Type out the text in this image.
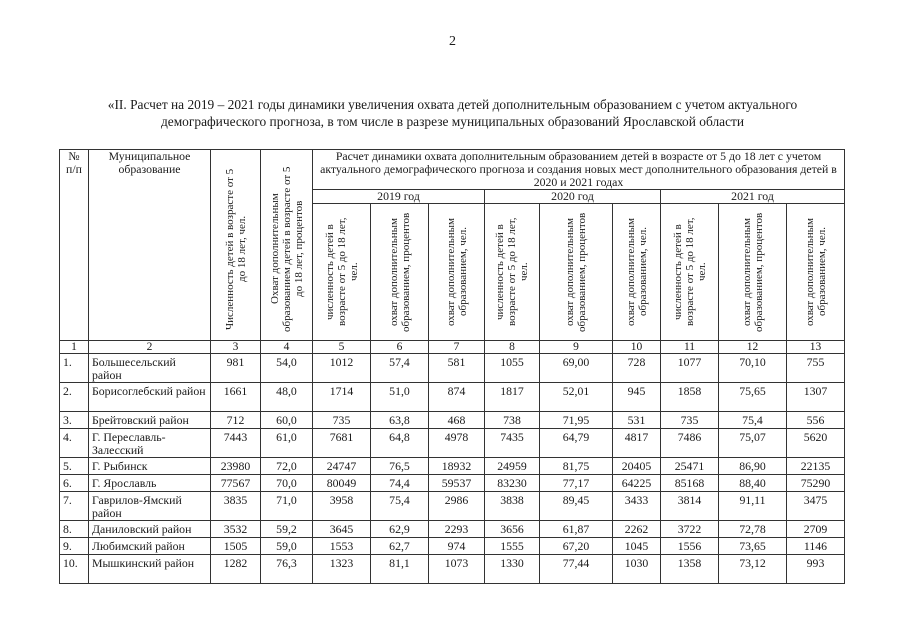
2
«II. Расчет на 2019 – 2021 годы динамики увеличения охвата детей дополнительным образованием с учетом актуального демографического прогноза, в том числе в разрезе муниципальных образований Ярославской области
№ п/п	Муниципальное образование	Численность детей в возрасте от 5 до 18 лет, чел.	Охват дополнительным образованием детей в возрасте от 5 до 18 лет, процентов	Расчет динамики охвата дополнительным образованием детей в возрасте от 5 до 18 лет с учетом актуального демографического прогноза и создания новых мест дополнительного образования детей в 2020 и 2021 годах								
				2019 год			2020 год			2021 год		

				численность детей в возрасте от 5 до 18 лет, чел.	охват дополнительным образованием, процентов	охват дополнительным образованием, чел.	численность детей в возрасте от 5 до 18 лет, чел.	охват дополнительным образованием, процентов	охват дополнительным образованием, чел.	численность детей в возрасте от 5 до 18 лет, чел.	охват дополнительным образованием, процентов	охват дополнительным образованием, чел.

1	2	3	4	5	6	7	8	9	10	11	12	13
1.	Большесельский район	981	54,0	1012	57,4	581	1055	69,00	728	1077	70,10	755
2.	Борисоглебский район	1661	48,0	1714	51,0	874	1817	52,01	945	1858	75,65	1307
3.	Брейтовский район	712	60,0	735	63,8	468	738	71,95	531	735	75,4	556
4.	Г. Переславль-Залесский	7443	61,0	7681	64,8	4978	7435	64,79	4817	7486	75,07	5620
5.	Г. Рыбинск	23980	72,0	24747	76,5	18932	24959	81,75	20405	25471	86,90	22135
6.	Г. Ярославль	77567	70,0	80049	74,4	59537	83230	77,17	64225	85168	88,40	75290
7.	Гаврилов-Ямский район	3835	71,0	3958	75,4	2986	3838	89,45	3433	3814	91,11	3475
8.	Даниловский район	3532	59,2	3645	62,9	2293	3656	61,87	2262	3722	72,78	2709
9.	Любимский район	1505	59,0	1553	62,7	974	1555	67,20	1045	1556	73,65	1146
10.	Мышкинский район	1282	76,3	1323	81,1	1073	1330	77,44	1030	1358	73,12	993
